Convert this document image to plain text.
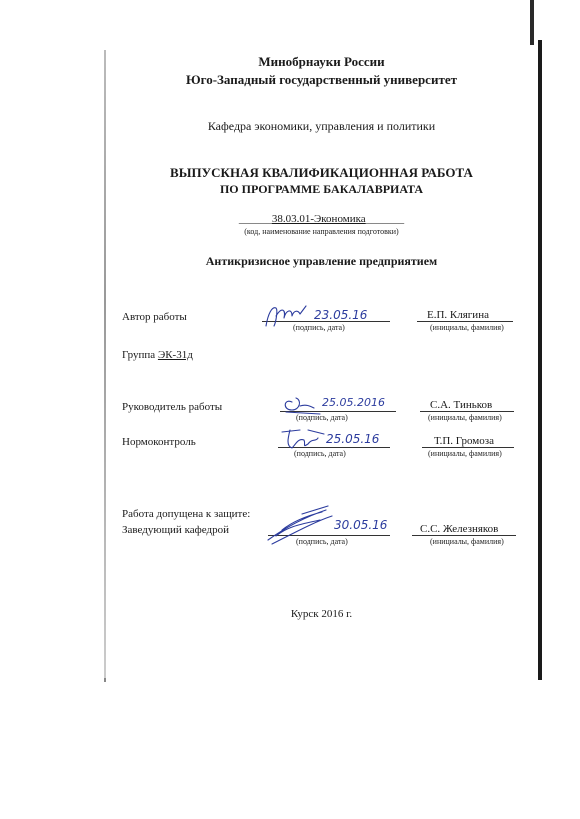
Минобрнауки России
Юго-Западный государственный университет
Кафедра экономики, управления и политики
ВЫПУСКНАЯ КВАЛИФИКАЦИОННАЯ РАБОТА
ПО ПРОГРАММЕ БАКАЛАВРИАТА
______38.03.01-Экономика_______
(код, наименование направления подготовки)
Антикризисное управление предприятием
Автор работы
(подпись, дата)
Е.П. Клягина
(инициалы, фамилия)
23.05.16
Группа ЭК-31д
Руководитель работы
(подпись, дата)
С.А. Тиньков
(инициалы, фамилия)
25.05.2016
Нормоконтроль
(подпись, дата)
Т.П. Громоза
(инициалы, фамилия)
25.05.16
Работа допущена к защите:
Заведующий кафедрой
(подпись, дата)
С.С. Железняков
(инициалы, фамилия)
30.05.16
Курск 2016 г.
